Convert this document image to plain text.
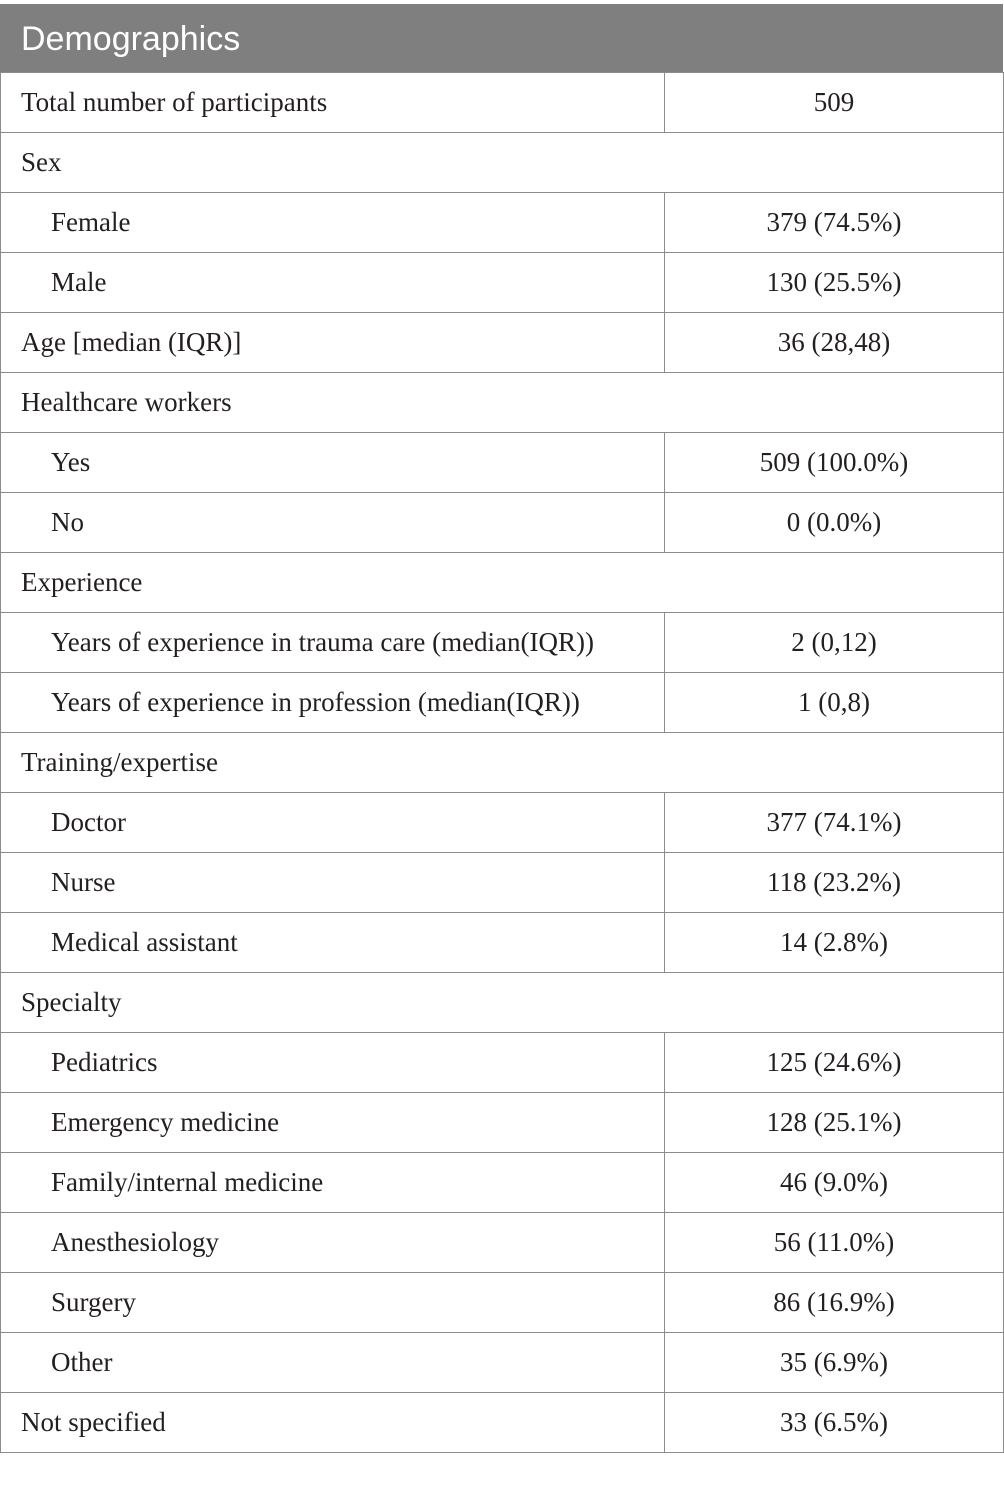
Demographics
Total number of participants	509
Sex	
Female	379 (74.5%)
Male	130 (25.5%)
Age [median (IQR)]	36 (28,48)
Healthcare workers	
Yes	509 (100.0%)
No	0 (0.0%)
Experience	
Years of experience in trauma care (median(IQR))	2 (0,12)
Years of experience in profession (median(IQR))	1 (0,8)
Training/expertise	
Doctor	377 (74.1%)
Nurse	118 (23.2%)
Medical assistant	14 (2.8%)
Specialty	
Pediatrics	125 (24.6%)
Emergency medicine	128 (25.1%)
Family/internal medicine	46 (9.0%)
Anesthesiology	56 (11.0%)
Surgery	86 (16.9%)
Other	35 (6.9%)
Not specified	33 (6.5%)
